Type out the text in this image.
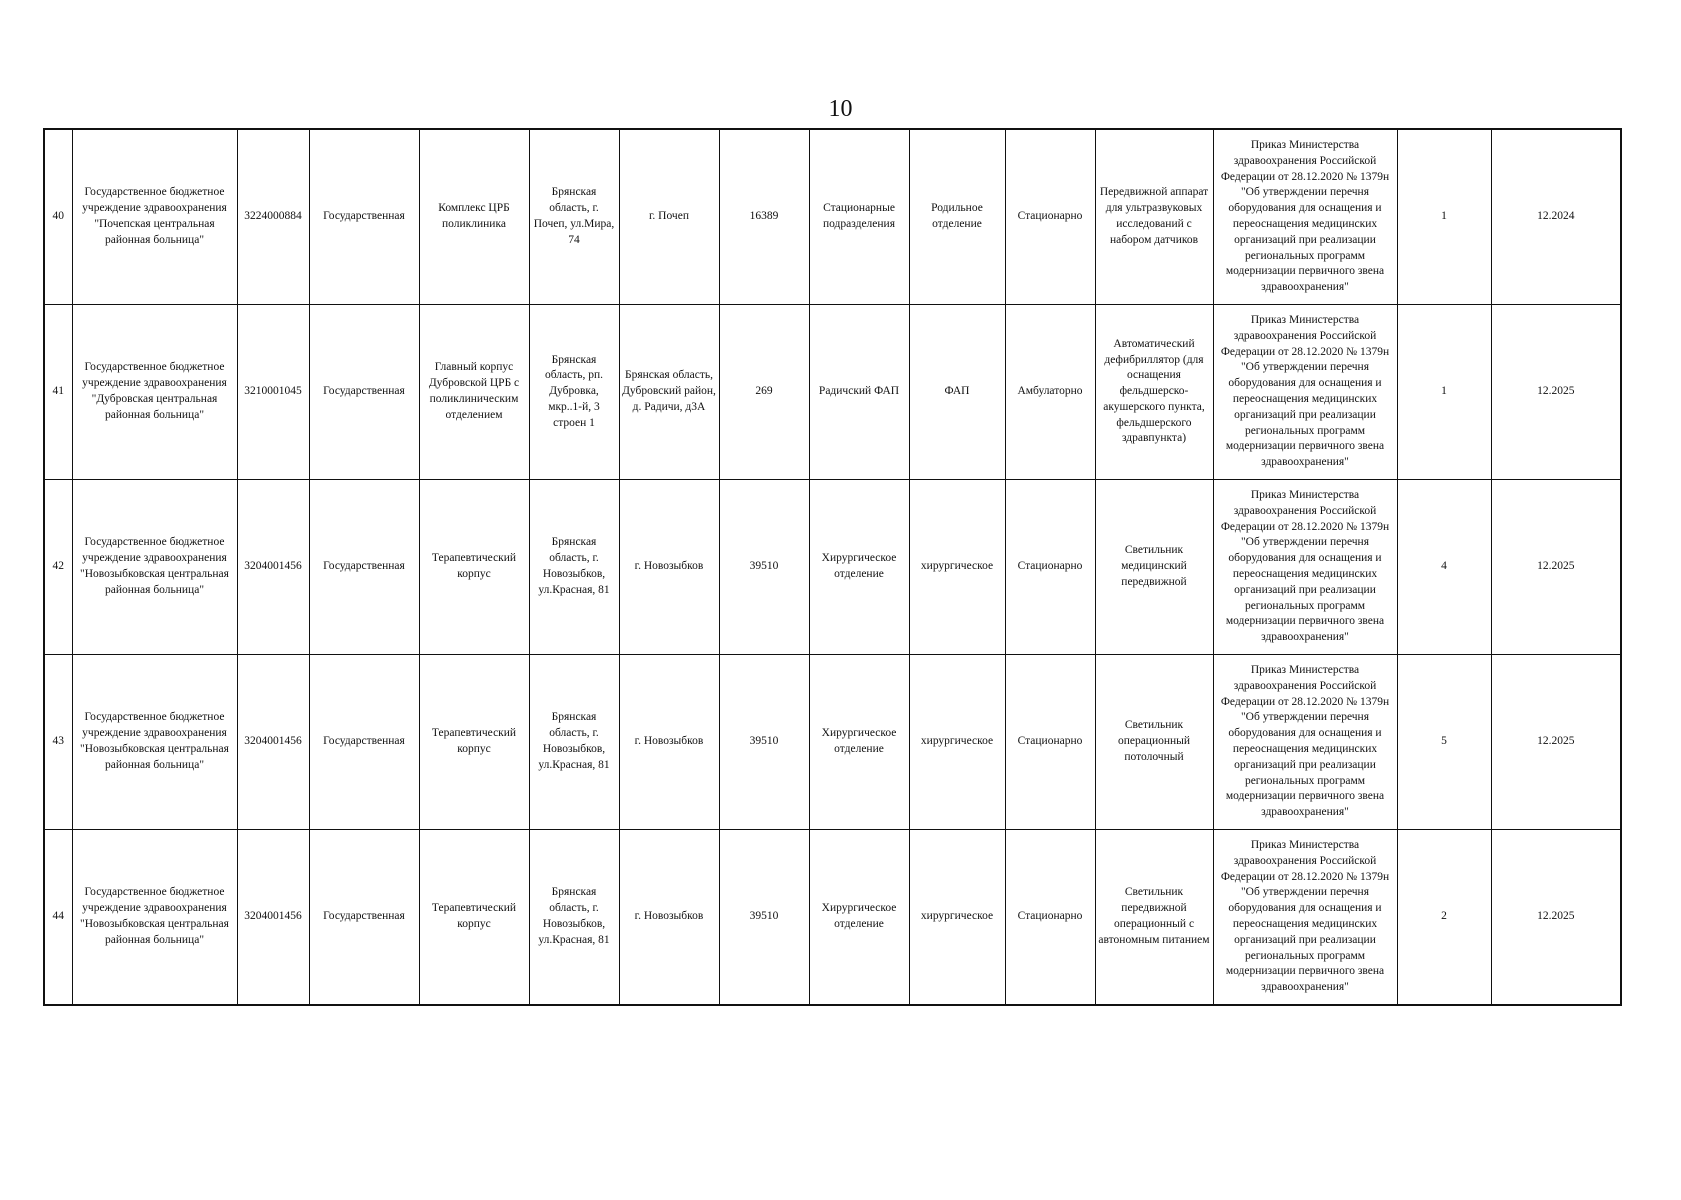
10
40	Государственное бюджетное учреждение здравоохранения "Почепская центральная районная больница"	3224000884	Государственная	Комплекс ЦРБ поликлиника	Брянская область, г. Почеп, ул.Мира, 74	г. Почеп	16389	Стационарные подразделения	Родильное отделение	Стационарно	Передвижной аппарат для ультразвуковых исследований с набором датчиков	Приказ Министерства здравоохранения Российской Федерации от 28.12.2020 № 1379н "Об утверждении перечня оборудования для оснащения и переоснащения медицинских организаций при реализации региональных программ модернизации первичного звена здравоохранения"	1	12.2024
41	Государственное бюджетное учреждение здравоохранения "Дубровская центральная районная больница"	3210001045	Государственная	Главный корпус Дубровской ЦРБ с поликлиническим отделением	Брянская область, рп. Дубровка, мкр..1-й, 3 строен 1	Брянская область, Дубровский район, д. Радичи, д3А	269	Радичский ФАП	ФАП	Амбулаторно	Автоматический дефибриллятор (для оснащения фельдшерско-акушерского пункта, фельдшерского здравпункта)	Приказ Министерства здравоохранения Российской Федерации от 28.12.2020 № 1379н "Об утверждении перечня оборудования для оснащения и переоснащения медицинских организаций при реализации региональных программ модернизации первичного звена здравоохранения"	1	12.2025
42	Государственное бюджетное учреждение здравоохранения "Новозыбковская центральная районная больница"	3204001456	Государственная	Терапевтический корпус	Брянская область, г. Новозыбков, ул.Красная, 81	г. Новозыбков	39510	Хирургическое отделение	хирургическое	Стационарно	Светильник медицинский передвижной	Приказ Министерства здравоохранения Российской Федерации от 28.12.2020 № 1379н "Об утверждении перечня оборудования для оснащения и переоснащения медицинских организаций при реализации региональных программ модернизации первичного звена здравоохранения"	4	12.2025
43	Государственное бюджетное учреждение здравоохранения "Новозыбковская центральная районная больница"	3204001456	Государственная	Терапевтический корпус	Брянская область, г. Новозыбков, ул.Красная, 81	г. Новозыбков	39510	Хирургическое отделение	хирургическое	Стационарно	Светильник операционный потолочный	Приказ Министерства здравоохранения Российской Федерации от 28.12.2020 № 1379н "Об утверждении перечня оборудования для оснащения и переоснащения медицинских организаций при реализации региональных программ модернизации первичного звена здравоохранения"	5	12.2025
44	Государственное бюджетное учреждение здравоохранения "Новозыбковская центральная районная больница"	3204001456	Государственная	Терапевтический корпус	Брянская область, г. Новозыбков, ул.Красная, 81	г. Новозыбков	39510	Хирургическое отделение	хирургическое	Стационарно	Светильник передвижной операционный с автономным питанием	Приказ Министерства здравоохранения Российской Федерации от 28.12.2020 № 1379н "Об утверждении перечня оборудования для оснащения и переоснащения медицинских организаций при реализации региональных программ модернизации первичного звена здравоохранения"	2	12.2025
